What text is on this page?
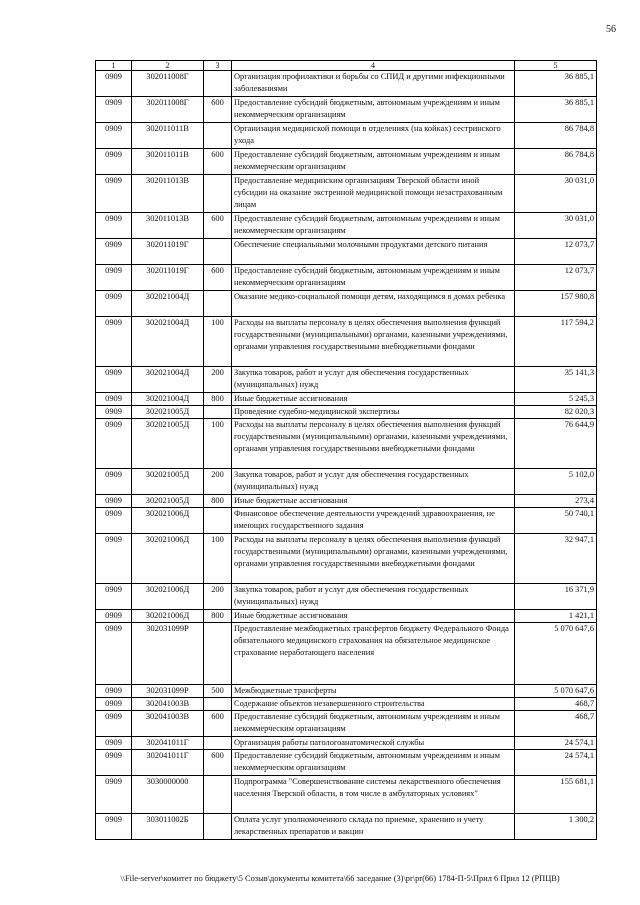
56
1	2	3	4	5
0909	302011008Г		Организация профилактики и борьбы со СПИД и другими инфекционными заболеваниями	36 885,1
0909	302011008Г	600	Предоставление субсидий бюджетным, автономным учреждениям и иным некоммерческим организациям	36 885,1
0909	302011011В		Организация медицинской помощи в отделениях (на койках) сестринского ухода	86 784,8
0909	302011011В	600	Предоставление субсидий бюджетным, автономным учреждениям и иным некоммерческим организациям	86 784,8
0909	302011013В		Предоставление медицинским организациям Тверской области иной субсидии на оказание экстренной медицинской помощи незастрахованным лицам	30 031,0
0909	302011013В	600	Предоставление субсидий бюджетным, автономным учреждениям и иным некоммерческим организациям	30 031,0
0909	302011019Г		Обеспечение специальными молочными продуктами детского питания	12 073,7
0909	302011019Г	600	Предоставление субсидий бюджетным, автономным учреждениям и иным некоммерческим организациям	12 073,7
0909	302021004Д		Оказание медико-социальной помощи детям, находящимся в домах ребенка	157 980,8
0909	302021004Д	100	Расходы на выплаты персоналу в целях обеспечения выполнения функций государственными (муниципальными) органами, казенными учреждениями, органами управления государственными внебюджетными фондами	117 594,2
0909	302021004Д	200	Закупка товаров, работ и услуг для обеспечения государственных (муниципальных) нужд	35 141,3
0909	302021004Д	800	Иные бюджетные ассигнования	5 245,3
0909	302021005Д		Проведение судебно-медицинской экспертизы	82 020,3
0909	302021005Д	100	Расходы на выплаты персоналу в целях обеспечения выполнения функций государственными (муниципальными) органами, казенными учреждениями, органами управления государственными внебюджетными фондами	76 644,9
0909	302021005Д	200	Закупка товаров, работ и услуг для обеспечения государственных (муниципальных) нужд	5 102,0
0909	302021005Д	800	Иные бюджетные ассигнования	273,4
0909	302021006Д		Финансовое обеспечение деятельности учреждений здравоохранения, не имеющих государственного задания	50 740,1
0909	302021006Д	100	Расходы на выплаты персоналу в целях обеспечения выполнения функций государственными (муниципальными) органами, казенными учреждениями, органами управления государственными внебюджетными фондами	32 947,1
0909	302021006Д	200	Закупка товаров, работ и услуг для обеспечения государственных (муниципальных) нужд	16 371,9
0909	302021006Д	800	Иные бюджетные ассигнования	1 421,1
0909	302031099Р		Предоставление межбюджетных трансфертов бюджету Федерального Фонда обязательного медицинского страхования на обязательное медицинское страхование неработающего населения	5 070 647,6
0909	302031099Р	500	Межбюджетные трансферты	5 070 647,6
0909	302041003В		Содержание объектов незавершенного строительства	468,7
0909	302041003В	600	Предоставление субсидий бюджетным, автономным учреждениям и иным некоммерческим организациям	468,7
0909	302041011Г		Организация работы патологоанатомической службы	24 574,1
0909	302041011Г	600	Предоставление субсидий бюджетным, автономным учреждениям и иным некоммерческим организациям	24 574,1
0909	3030000000		Подпрограмма "Совершенствование системы лекарственного обеспечения населения Тверской области, в том числе в амбулаторных условиях"	155 681,1
0909	303011002Б		Оплата услуг уполномоченного склада по приемке, хранению и учету лекарственных препаратов и вакцин	1 300,2
\\File-server\комитет по бюджету\5 Созыв\документы комитета\66 заседание (3)\pr\pr(66) 1784-П-5\Прил 6 Прил 12 (РПЦВ)
